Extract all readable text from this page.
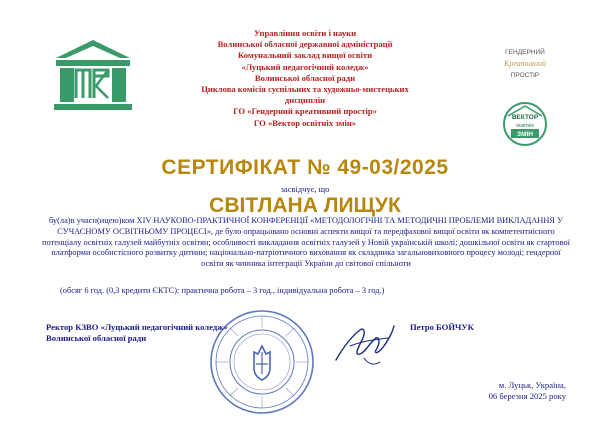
Управління освіти і науки
Волинської обласної державної адміністрації
Комунальний заклад вищої освіти
«Луцький педагогічний коледж»
Волинської обласної ради
Циклова комісія суспільних та художньо-мистецьких
дисциплін
ГО «Гендерний креативний простір»
ГО «Вектор освітніх змін»
ГЕНДЕРНИЙ
Креативний
ПРОСТІР
ВЕКТОР
освітніх
ЗМІН
СЕРТИФІКАТ № 49-03/2025
засвідчує, що
СВІТЛАНА ЛИЩУК
бу(ла)в учасн(ицею)ком XIV НАУКОВО-ПРАКТИЧНОЇ КОНФЕРЕНЦІЇ «МЕТОДОЛОГІЧНІ ТА МЕТОДИЧНІ ПРОБЛЕМИ ВИКЛАДАННЯ У СУЧАСНОМУ ОСВІТНЬОМУ ПРОЦЕСІ», де було опрацьовано основні аспекти вищої та передфахової вищої освіти як компетентнісного потенціалу освітніх галузей майбутніх освітян; особливості викладання освітніх галузей у Новій українській школі; дошкільної освіти як стартової платформи особистісного розвитку дитини; національно-патріотичного виховання як складника загальновиховного процесу молоді; гендерної освіти як чинника інтеграції України до світової спільноти
(обсяг 6 год. (0,3 кредити ЄКТС): практична робота – 3 год., індивідуальна робота – 3 год.)
Ректор КЗВО «Луцький педагогічний коледж»
Волинської обласної ради
Петро БОЙЧУК
м. Луцьк, Україна,
06 березня 2025 року
